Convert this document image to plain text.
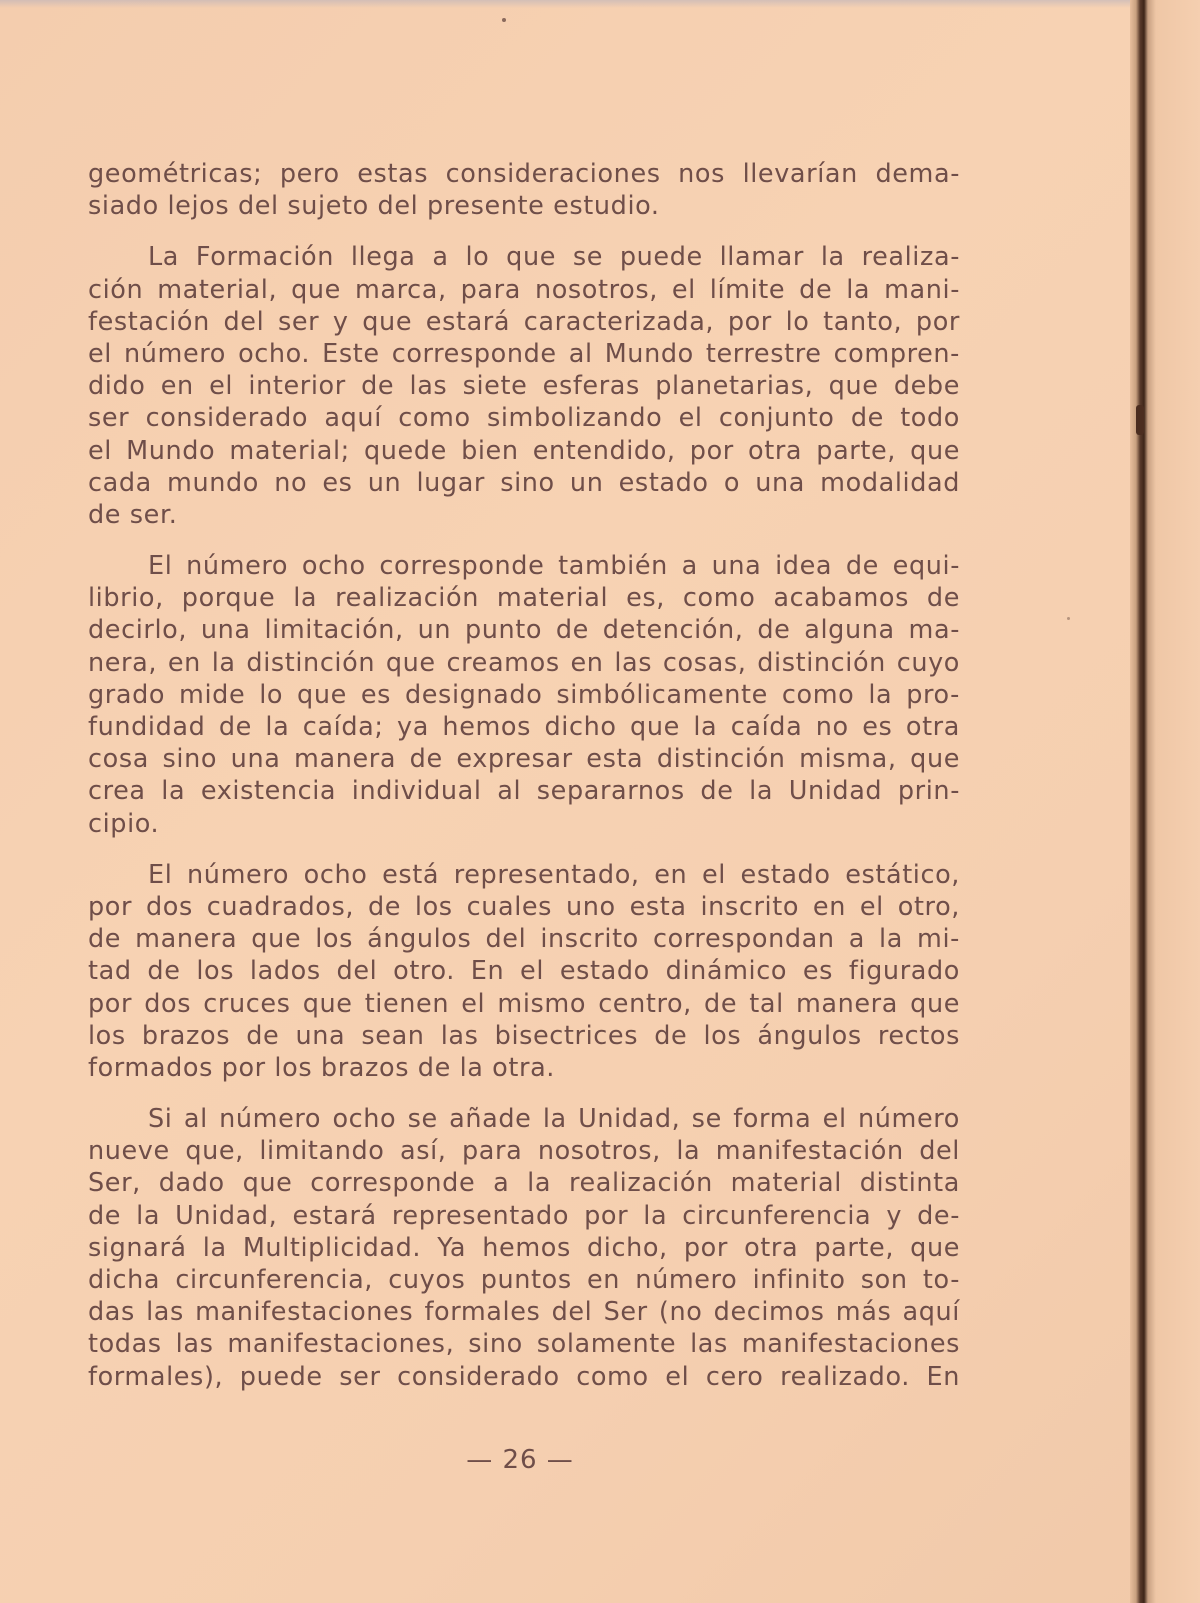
geométricas; pero estas consideraciones nos llevarían dema-
siado lejos del sujeto del presente estudio.
La Formación llega a lo que se puede llamar la realiza-
ción material, que marca, para nosotros, el límite de la mani-
festación del ser y que estará caracterizada, por lo tanto, por
el número ocho. Este corresponde al Mundo terrestre compren-
dido en el interior de las siete esferas planetarias, que debe
ser considerado aquí como simbolizando el conjunto de todo
el Mundo material; quede bien entendido, por otra parte, que
cada mundo no es un lugar sino un estado o una modalidad
de ser.
El número ocho corresponde también a una idea de equi-
librio, porque la realización material es, como acabamos de
decirlo, una limitación, un punto de detención, de alguna ma-
nera, en la distinción que creamos en las cosas, distinción cuyo
grado mide lo que es designado simbólicamente como la pro-
fundidad de la caída; ya hemos dicho que la caída no es otra
cosa sino una manera de expresar esta distinción misma, que
crea la existencia individual al separarnos de la Unidad prin-
cipio.
El número ocho está representado, en el estado estático,
por dos cuadrados, de los cuales uno esta inscrito en el otro,
de manera que los ángulos del inscrito correspondan a la mi-
tad de los lados del otro. En el estado dinámico es figurado
por dos cruces que tienen el mismo centro, de tal manera que
los brazos de una sean las bisectrices de los ángulos rectos
formados por los brazos de la otra.
Si al número ocho se añade la Unidad, se forma el número
nueve que, limitando así, para nosotros, la manifestación del
Ser, dado que corresponde a la realización material distinta
de la Unidad, estará representado por la circunferencia y de-
signará la Multiplicidad. Ya hemos dicho, por otra parte, que
dicha circunferencia, cuyos puntos en número infinito son to-
das las manifestaciones formales del Ser (no decimos más aquí
todas las manifestaciones, sino solamente las manifestaciones
formales), puede ser considerado como el cero realizado. En
— 26 —
